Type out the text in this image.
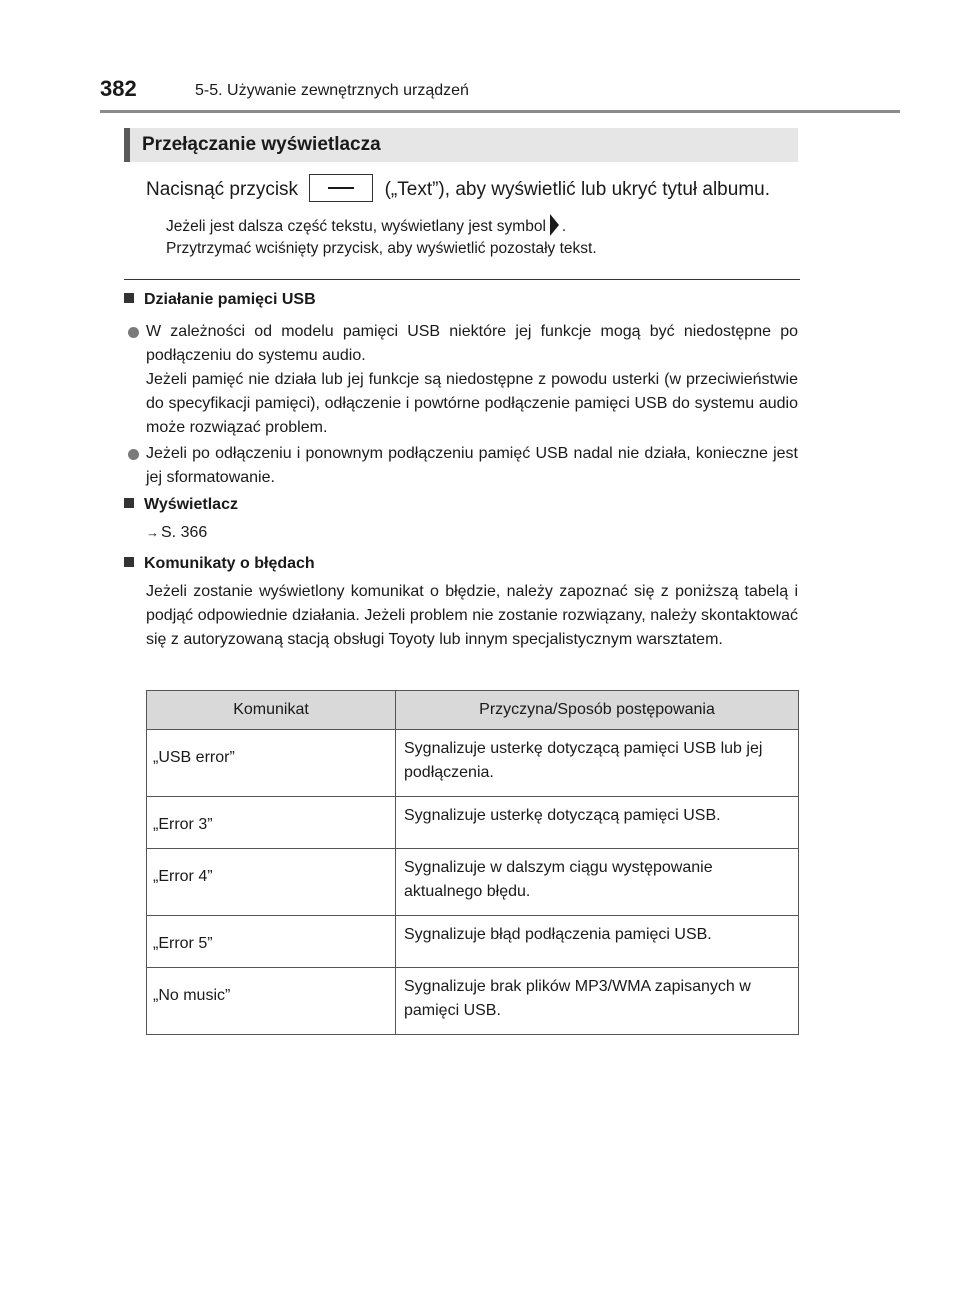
382	5-5. Używanie zewnętrznych urządzeń
Przełączanie wyświetlacza
Nacisnąć przycisk	(„Text”), aby wyświetlić lub ukryć tytuł albumu.
Jeżeli jest dalsza część tekstu, wyświetlany jest symbol .
Przytrzymać wciśnięty przycisk, aby wyświetlić pozostały tekst.
Działanie pamięci USB
W zależności od modelu pamięci USB niektóre jej funkcje mogą być niedostępne po podłączeniu do systemu audio.
Jeżeli pamięć nie działa lub jej funkcje są niedostępne z powodu usterki (w przeciwieństwie do specyfikacji pamięci), odłączenie i powtórne podłączenie pamięci USB do systemu audio może rozwiązać problem.
Jeżeli po odłączeniu i ponownym podłączeniu pamięć USB nadal nie działa, konieczne jest jej sformatowanie.
Wyświetlacz
→ S. 366
Komunikaty o błędach
Jeżeli zostanie wyświetlony komunikat o błędzie, należy zapoznać się z poniższą tabelą i podjąć odpowiednie działania. Jeżeli problem nie zostanie rozwiązany, należy skontaktować się z autoryzowaną stacją obsługi Toyoty lub innym specjalistycznym warsztatem.
Komunikat	Przyczyna/Sposób postępowania
„USB error”	Sygnalizuje usterkę dotyczącą pamięci USB lub jej podłączenia.
„Error 3”	Sygnalizuje usterkę dotyczącą pamięci USB.
„Error 4”	Sygnalizuje w dalszym ciągu występowanie aktualnego błędu.
„Error 5”	Sygnalizuje błąd podłączenia pamięci USB.
„No music”	Sygnalizuje brak plików MP3/WMA zapisanych w pamięci USB.
